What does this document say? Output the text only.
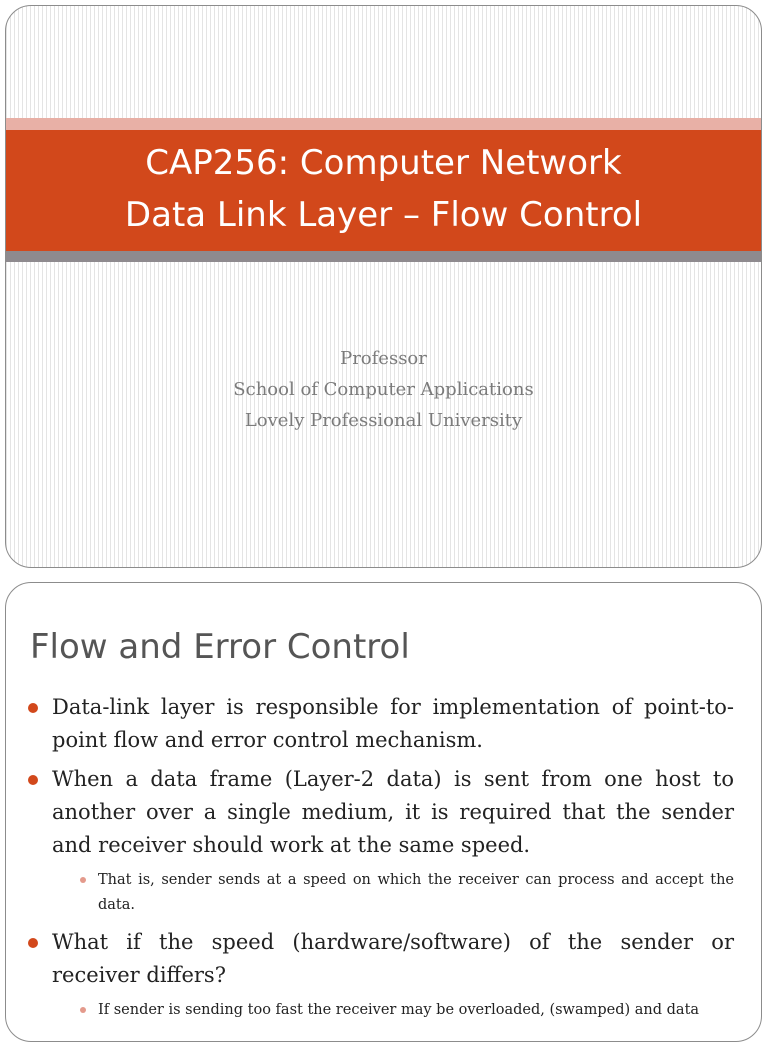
CAP256: Computer Network
Data Link Layer – Flow Control
Professor
School of Computer Applications
Lovely Professional University
Flow and Error Control
Data-link layer is responsible for implementation of point-to-point flow and error control mechanism.
When a data frame (Layer-2 data) is sent from one host to another over a single medium, it is required that the sender and receiver should work at the same speed.
That is, sender sends at a speed on which the receiver can process and accept the data.
What if the speed (hardware/software) of the sender or receiver differs?
If sender is sending too fast the receiver may be overloaded, (swamped) and data
